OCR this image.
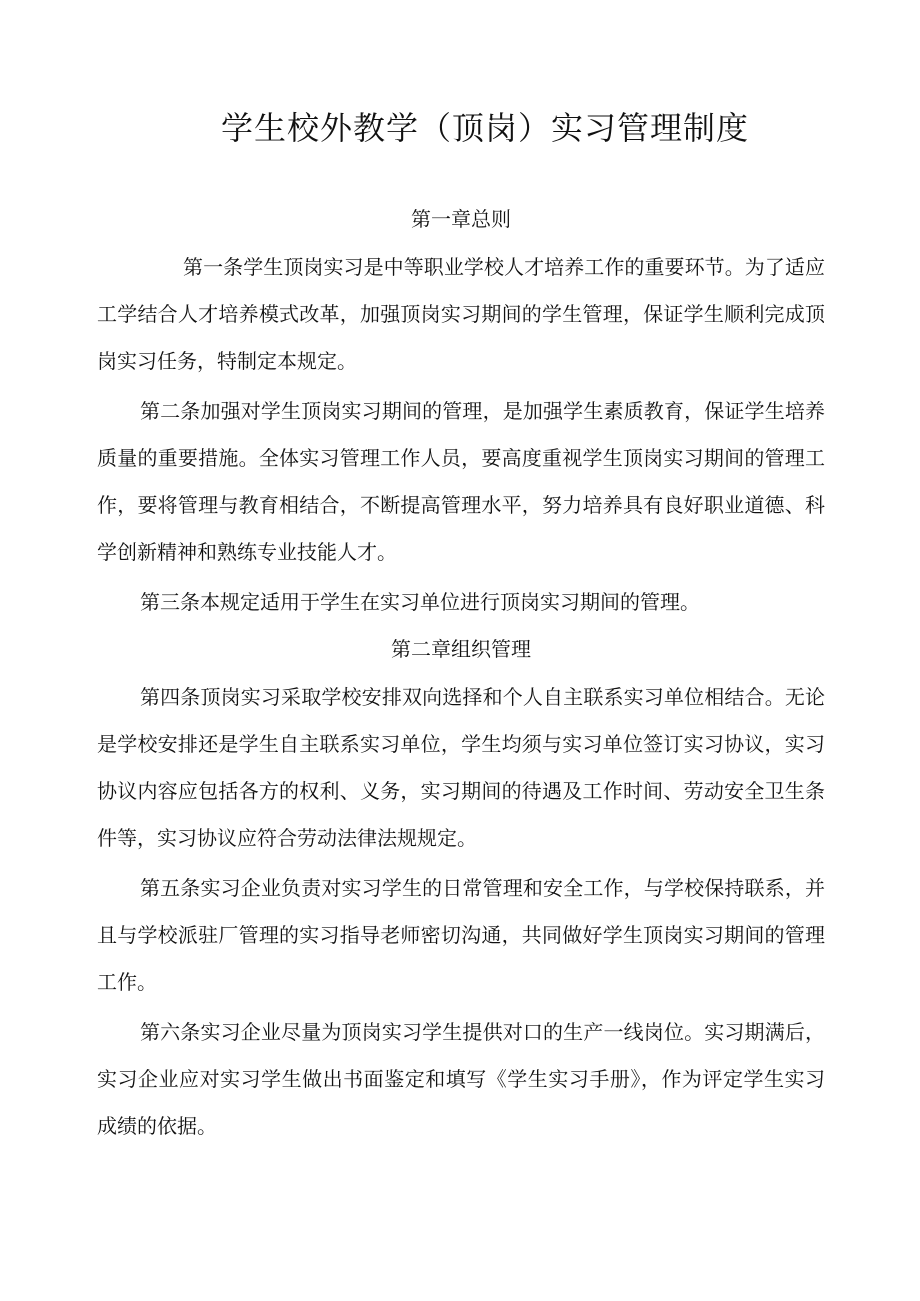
学生校外教学（顶岗）实习管理制度
第一章总则

第一条学生顶岗实习是中等职业学校人才培养工作的重要环节。为了适应工学结合人才培养模式改革，加强顶岗实习期间的学生管理，保证学生顺利完成顶岗实习任务，特制定本规定。

第二条加强对学生顶岗实习期间的管理，是加强学生素质教育，保证学生培养质量的重要措施。全体实习管理工作人员，要高度重视学生顶岗实习期间的管理工作，要将管理与教育相结合，不断提高管理水平，努力培养具有良好职业道德、科学创新精神和熟练专业技能人才。

第三条本规定适用于学生在实习单位进行顶岗实习期间的管理。

第二章组织管理

第四条顶岗实习采取学校安排双向选择和个人自主联系实习单位相结合。无论是学校安排还是学生自主联系实习单位，学生均须与实习单位签订实习协议，实习协议内容应包括各方的权利、义务，实习期间的待遇及工作时间、劳动安全卫生条件等，实习协议应符合劳动法律法规规定。

第五条实习企业负责对实习学生的日常管理和安全工作，与学校保持联系，并且与学校派驻厂管理的实习指导老师密切沟通，共同做好学生顶岗实习期间的管理工作。

第六条实习企业尽量为顶岗实习学生提供对口的生产一线岗位。实习期满后，实习企业应对实习学生做出书面鉴定和填写《学生实习手册》，作为评定学生实习成绩的依据。
